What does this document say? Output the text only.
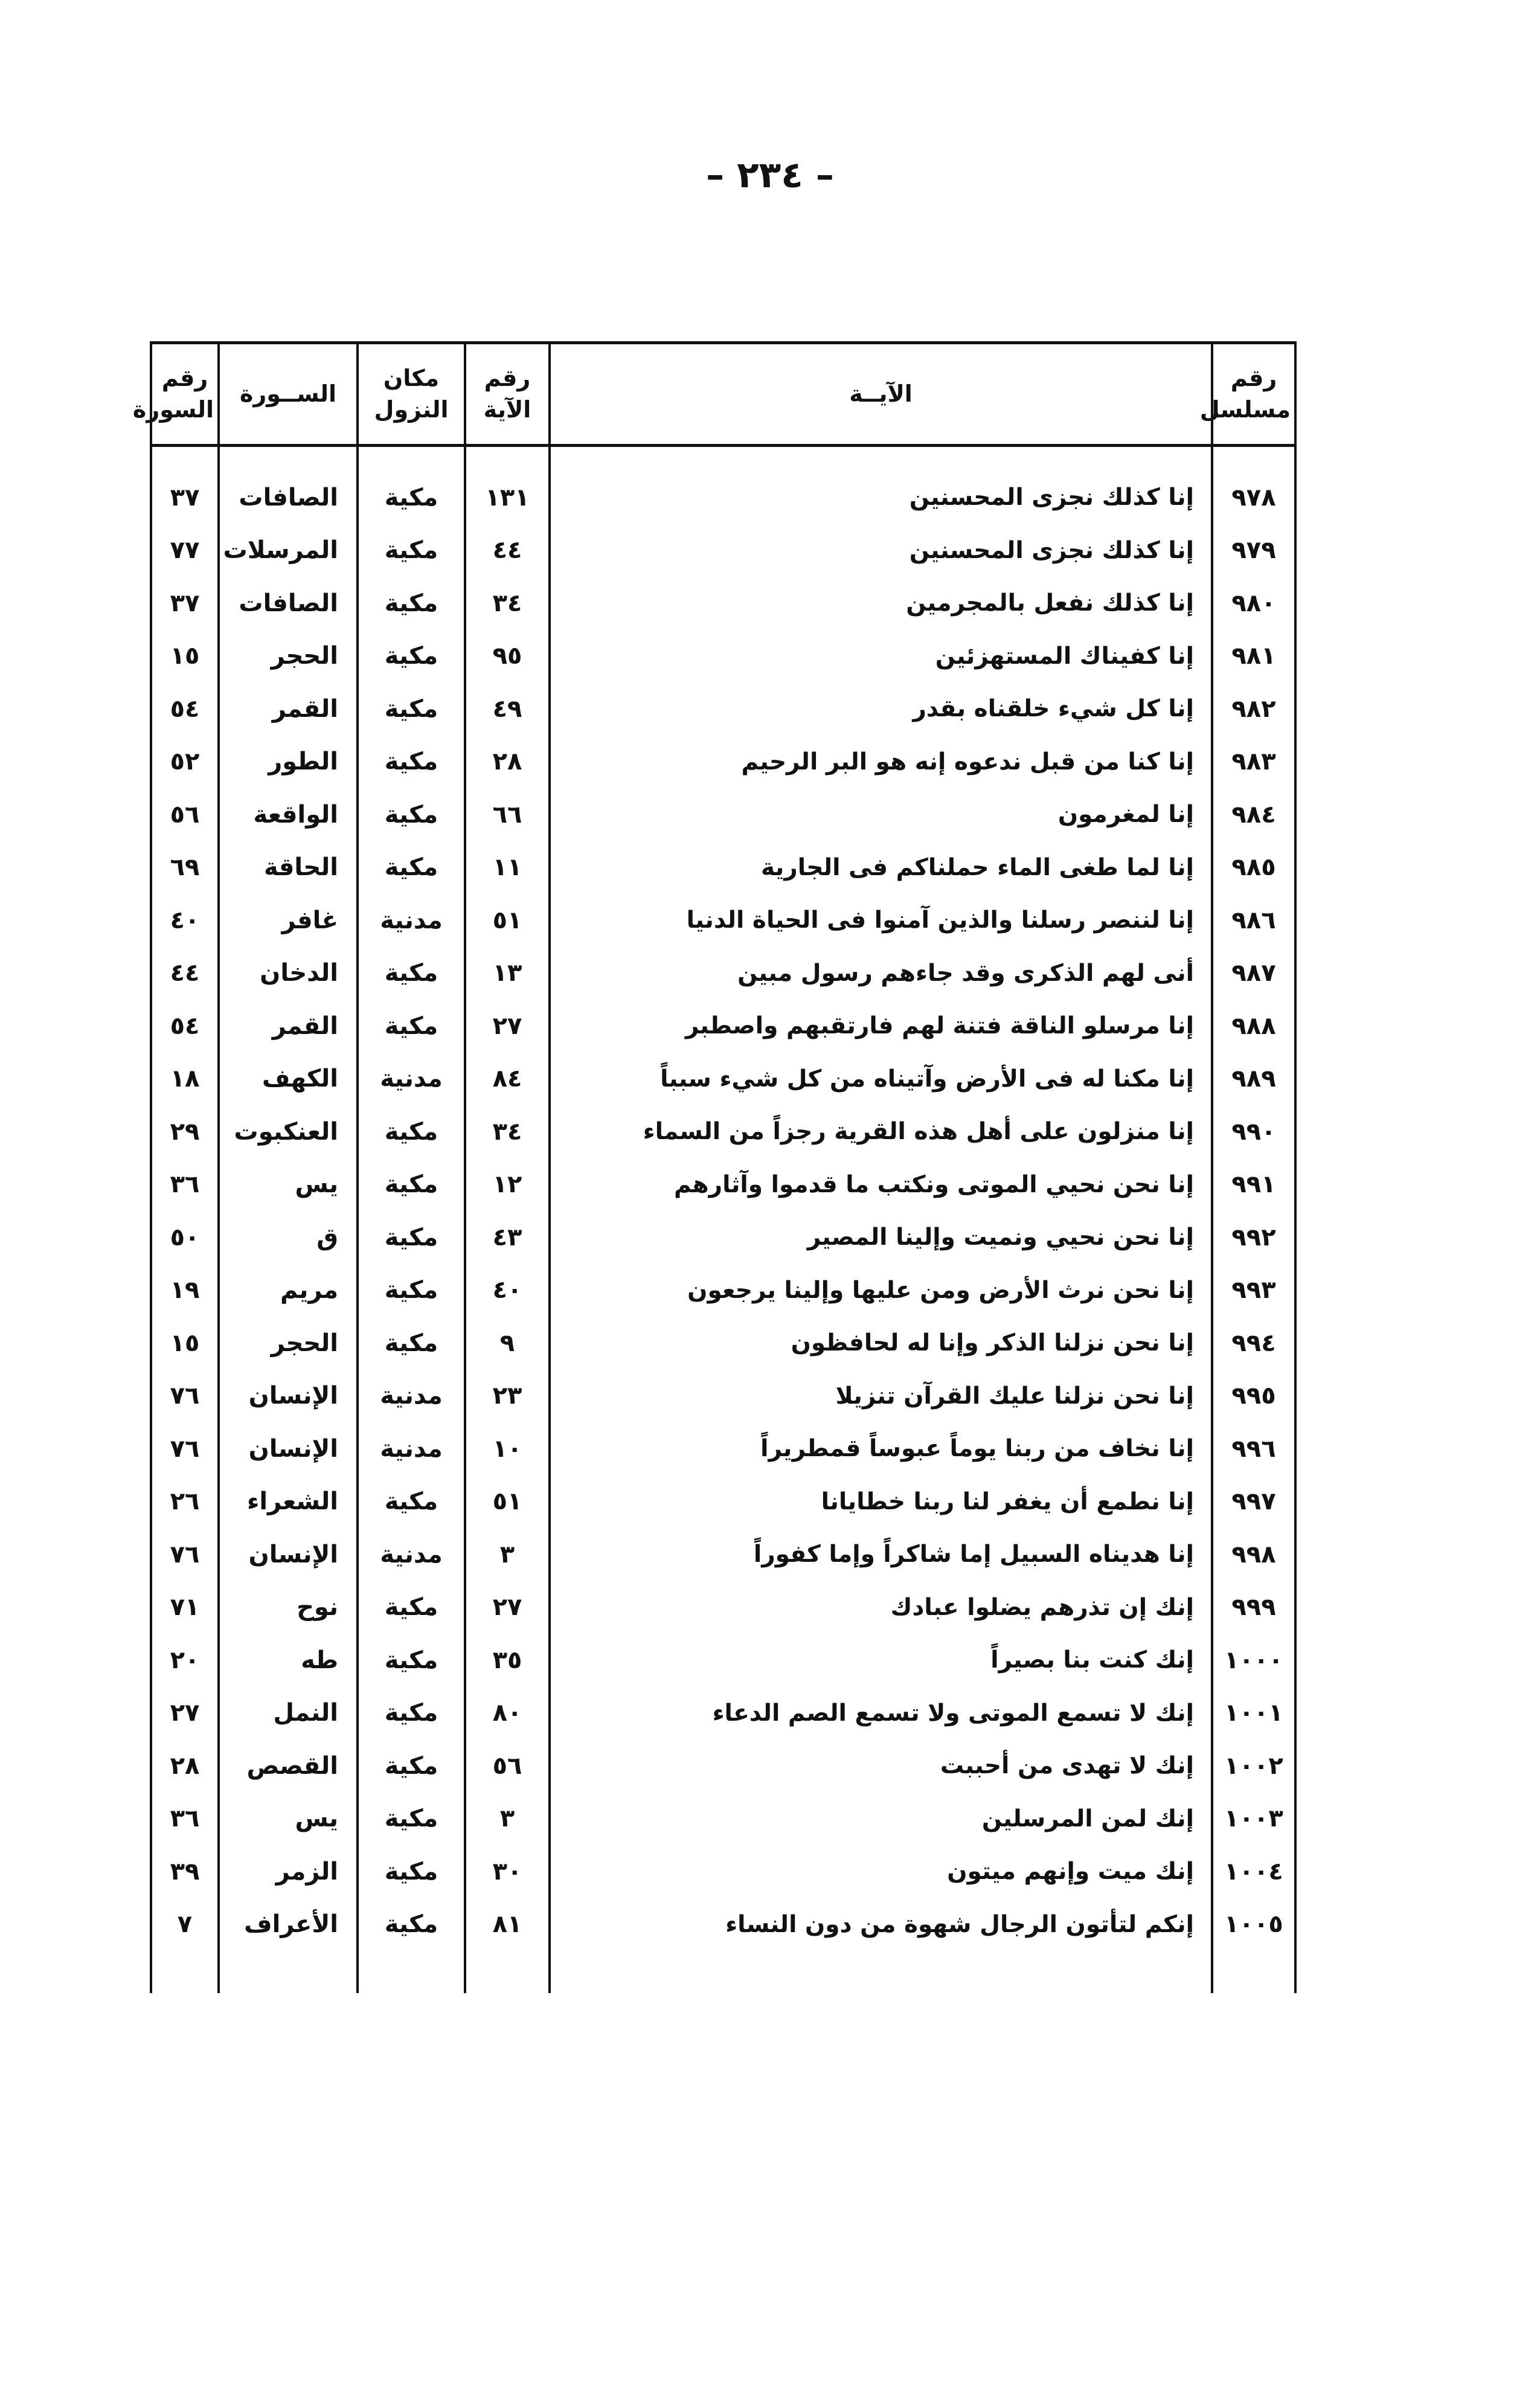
– ٢٣٤ –
رقم مسلسل	الآيــة	رقم الآية	مكان النزول	الســورة	رقم السورة

٩٧٨	إنا كذلك نجزى المحسنين	١٣١	مكية	الصافات	٣٧
٩٧٩	إنا كذلك نجزى المحسنين	٤٤	مكية	المرسلات	٧٧
٩٨٠	إنا كذلك نفعل بالمجرمين	٣٤	مكية	الصافات	٣٧
٩٨١	إنا كفيناك المستهزئين	٩٥	مكية	الحجر	١٥
٩٨٢	إنا كل شيء خلقناه بقدر	٤٩	مكية	القمر	٥٤
٩٨٣	إنا كنا من قبل ندعوه إنه هو البر الرحيم	٢٨	مكية	الطور	٥٢
٩٨٤	إنا لمغرمون	٦٦	مكية	الواقعة	٥٦
٩٨٥	إنا لما طغى الماء حملناكم فى الجارية	١١	مكية	الحاقة	٦٩
٩٨٦	إنا لننصر رسلنا والذين آمنوا فى الحياة الدنيا	٥١	مدنية	غافر	٤٠
٩٨٧	أنى لهم الذكرى وقد جاءهم رسول مبين	١٣	مكية	الدخان	٤٤
٩٨٨	إنا مرسلو الناقة فتنة لهم فارتقبهم واصطبر	٢٧	مكية	القمر	٥٤
٩٨٩	إنا مكنا له فى الأرض وآتيناه من كل شيء سبباً	٨٤	مدنية	الكهف	١٨
٩٩٠	إنا منزلون على أهل هذه القرية رجزاً من السماء	٣٤	مكية	العنكبوت	٢٩
٩٩١	إنا نحن نحيي الموتى ونكتب ما قدموا وآثارهم	١٢	مكية	يس	٣٦
٩٩٢	إنا نحن نحيي ونميت وإلينا المصير	٤٣	مكية	ق	٥٠
٩٩٣	إنا نحن نرث الأرض ومن عليها وإلينا يرجعون	٤٠	مكية	مريم	١٩
٩٩٤	إنا نحن نزلنا الذكر وإنا له لحافظون	٩	مكية	الحجر	١٥
٩٩٥	إنا نحن نزلنا عليك القرآن تنزيلا	٢٣	مدنية	الإنسان	٧٦
٩٩٦	إنا نخاف من ربنا يوماً عبوساً قمطريراً	١٠	مدنية	الإنسان	٧٦
٩٩٧	إنا نطمع أن يغفر لنا ربنا خطايانا	٥١	مكية	الشعراء	٢٦
٩٩٨	إنا هديناه السبيل إما شاكراً وإما كفوراً	٣	مدنية	الإنسان	٧٦
٩٩٩	إنك إن تذرهم يضلوا عبادك	٢٧	مكية	نوح	٧١
١٠٠٠	إنك كنت بنا بصيراً	٣٥	مكية	طه	٢٠
١٠٠١	إنك لا تسمع الموتى ولا تسمع الصم الدعاء	٨٠	مكية	النمل	٢٧
١٠٠٢	إنك لا تهدى من أحببت	٥٦	مكية	القصص	٢٨
١٠٠٣	إنك لمن المرسلين	٣	مكية	يس	٣٦
١٠٠٤	إنك ميت وإنهم ميتون	٣٠	مكية	الزمر	٣٩
١٠٠٥	إنكم لتأتون الرجال شهوة من دون النساء	٨١	مكية	الأعراف	٧
